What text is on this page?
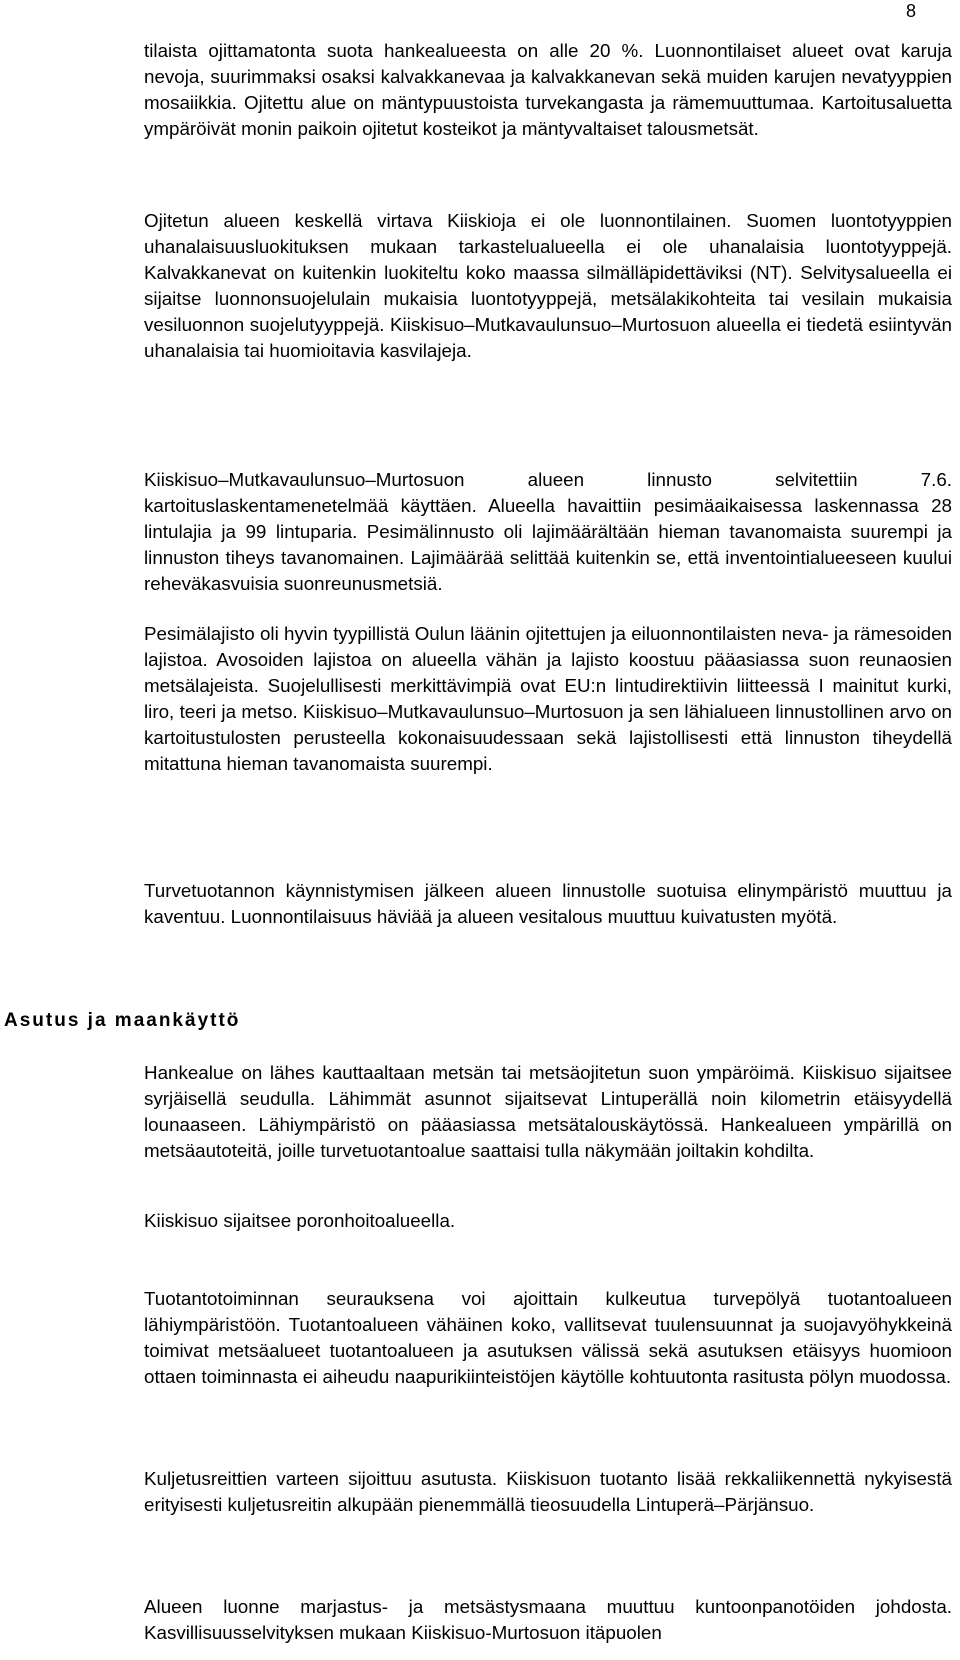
8

tilaista ojittamatonta suota hankealueesta on alle 20 %. Luonnontilaiset alueet ovat karuja nevoja, suurimmaksi osaksi kalvakkanevaa ja kalvakkanevan sekä muiden karujen nevatyyppien mosaiikkia. Ojitettu alue on mäntypuustoista turvekangasta ja rämemuuttumaa. Kartoitusaluetta ympäröivät monin paikoin ojitetut kosteikot ja mäntyvaltaiset talousmetsät.

Ojitetun alueen keskellä virtava Kiiskioja ei ole luonnontilainen. Suomen luontotyyppien uhanalaisuusluokituksen mukaan tarkastelualueella ei ole uhanalaisia luontotyyppejä. Kalvakkanevat on kuitenkin luokiteltu koko maassa silmälläpidettäviksi (NT). Selvitysalueella ei sijaitse luonnonsuojelulain mukaisia luontotyyppejä, metsälakikohteita tai vesilain mukaisia vesiluonnon suojelutyyppejä. Kiiskisuo–Mutkavaulunsuo–Murtosuon alueella ei tiedetä esiintyvän uhanalaisia tai huomioitavia kasvilajeja.

Kiiskisuo–Mutkavaulunsuo–Murtosuon alueen linnusto selvitettiin 7.6. kartoituslaskentamenetelmää käyttäen. Alueella havaittiin pesimäaikaisessa laskennassa 28 lintulajia ja 99 lintuparia. Pesimälinnusto oli lajimäärältään hieman tavanomaista suurempi ja linnuston tiheys tavanomainen. Lajimäärää selittää kuitenkin se, että inventointialueeseen kuului reheväkasvuisia suonreunusmetsiä.

Pesimälajisto oli hyvin tyypillistä Oulun läänin ojitettujen ja eiluonnontilaisten neva- ja rämesoiden lajistoa. Avosoiden lajistoa on alueella vähän ja lajisto koostuu pääasiassa suon reunaosien metsälajeista. Suojelullisesti merkittävimpiä ovat EU:n lintudirektiivin liitteessä I mainitut kurki, liro, teeri ja metso. Kiiskisuo–Mutkavaulunsuo–Murtosuon ja sen lähialueen linnustollinen arvo on kartoitustulosten perusteella kokonaisuudessaan sekä lajistollisesti että linnuston tiheydellä mitattuna hieman tavanomaista suurempi.

Turvetuotannon käynnistymisen jälkeen alueen linnustolle suotuisa elinympäristö muuttuu ja kaventuu. Luonnontilaisuus häviää ja alueen vesitalous muuttuu kuivatusten myötä.

Asutus ja maankäyttö

Hankealue on lähes kauttaaltaan metsän tai metsäojitetun suon ympäröimä. Kiiskisuo sijaitsee syrjäisellä seudulla. Lähimmät asunnot sijaitsevat Lintuperällä noin kilometrin etäisyydellä lounaaseen. Lähiympäristö on pääasiassa metsätalouskäytössä. Hankealueen ympärillä on metsäautoteitä, joille turvetuotantoalue saattaisi tulla näkymään joiltakin kohdilta.

Kiiskisuo sijaitsee poronhoitoalueella.

Tuotantotoiminnan seurauksena voi ajoittain kulkeutua turvepölyä tuotantoalueen lähiympäristöön. Tuotantoalueen vähäinen koko, vallitsevat tuulensuunnat ja suojavyöhykkeinä toimivat metsäalueet tuotantoalueen ja asutuksen välissä sekä asutuksen etäisyys huomioon ottaen toiminnasta ei aiheudu naapurikiinteistöjen käytölle kohtuutonta rasitusta pölyn muodossa.

Kuljetusreittien varteen sijoittuu asutusta. Kiiskisuon tuotanto lisää rekkaliikennettä nykyisestä erityisesti kuljetusreitin alkupään pienemmällä tieosuudella Lintuperä–Pärjänsuo.

Alueen luonne marjastus- ja metsästysmaana muuttuu kuntoonpanotöiden johdosta. Kasvillisuusselvityksen mukaan Kiiskisuo-Murtosuon itäpuolen
